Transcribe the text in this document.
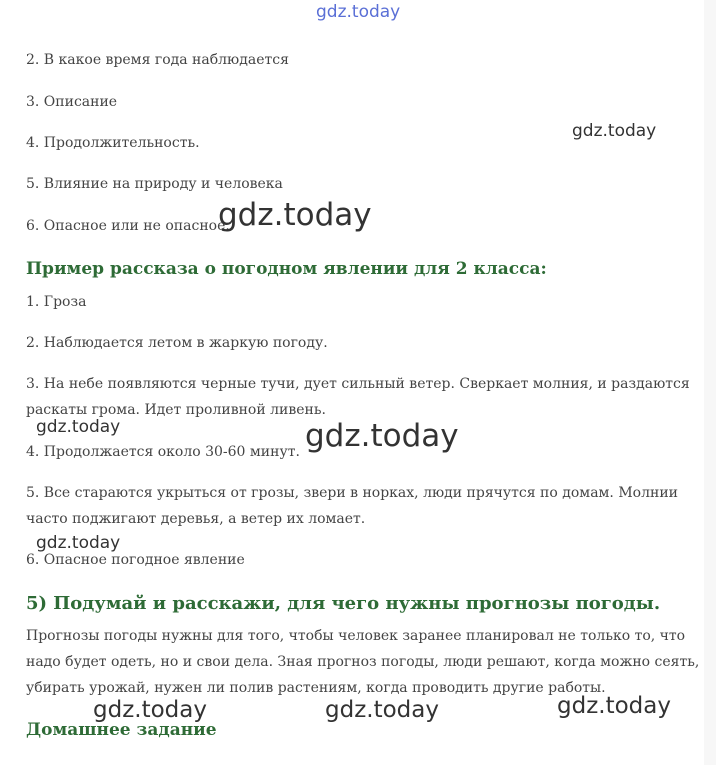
gdz.today

2. В какое время года наблюдается

3. Описание

4. Продолжительность.

5. Влияние на природу и человека

6. Опасное или не опасное.

gdz.today
gdz.today
Пример рассказа о погодном явлении для 2 класса:

1. Гроза

2. Наблюдается летом в жаркую погоду.

3. На небе появляются черные тучи, дует сильный ветер. Сверкает молния, и раздаются

раскаты грома. Идет проливной ливень.

gdz.today	gdz.today

4. Продолжается около 30-60 минут.

5. Все стараются укрыться от грозы, звери в норках, люди прячутся по домам. Молнии

часто поджигают деревья, а ветер их ломает.

gdz.today

6. Опасное погодное явление

5) Подумай и расскажи, для чего нужны прогнозы погоды.

Прогнозы погоды нужны для того, чтобы человек заранее планировал не только то, что

надо будет одеть, но и свои дела. Зная прогноз погоды, люди решают, когда можно сеять,

убирать урожай, нужен ли полив растениям, когда проводить другие работы.

gdz.today	gdz.today	gdz.today
Домашнее задание
